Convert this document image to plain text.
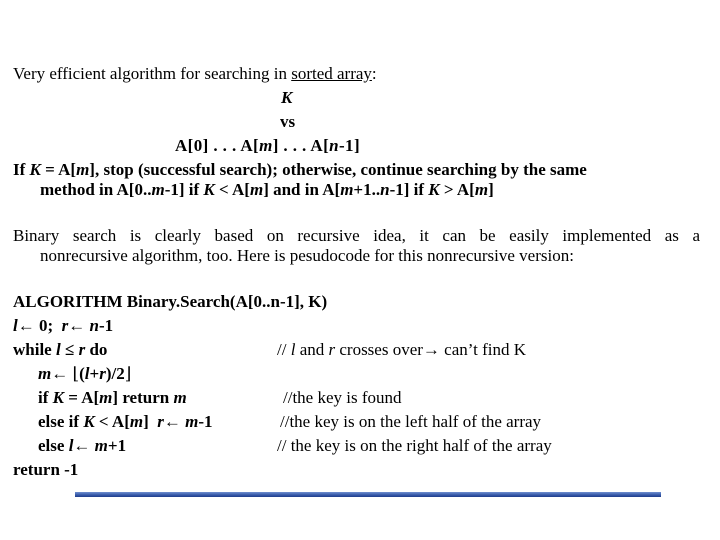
Very efficient algorithm for searching in sorted array:
K
vs
A[0] . . . A[m] . . . A[n-1]
If K = A[m], stop (successful search); otherwise, continue searching by the same
method in A[0..m-1] if K < A[m] and in A[m+1..n-1] if K > A[m]
Binary search is clearly based on recursive idea, it can be easily implemented as a
nonrecursive algorithm, too. Here is pesudocode for this nonrecursive version:
ALGORITHM Binary.Search(A[0..n-1], K)
l← 0;  r← n-1
while l ≤ r do	// l and r crosses over→ can’t find K
m← ⌊(l+r)/2⌋
if K = A[m] return m	//the key is found
else if K < A[m]  r← m-1	//the key is on the left half of the array
else l← m+1	// the key is on the right half of the array
return -1
